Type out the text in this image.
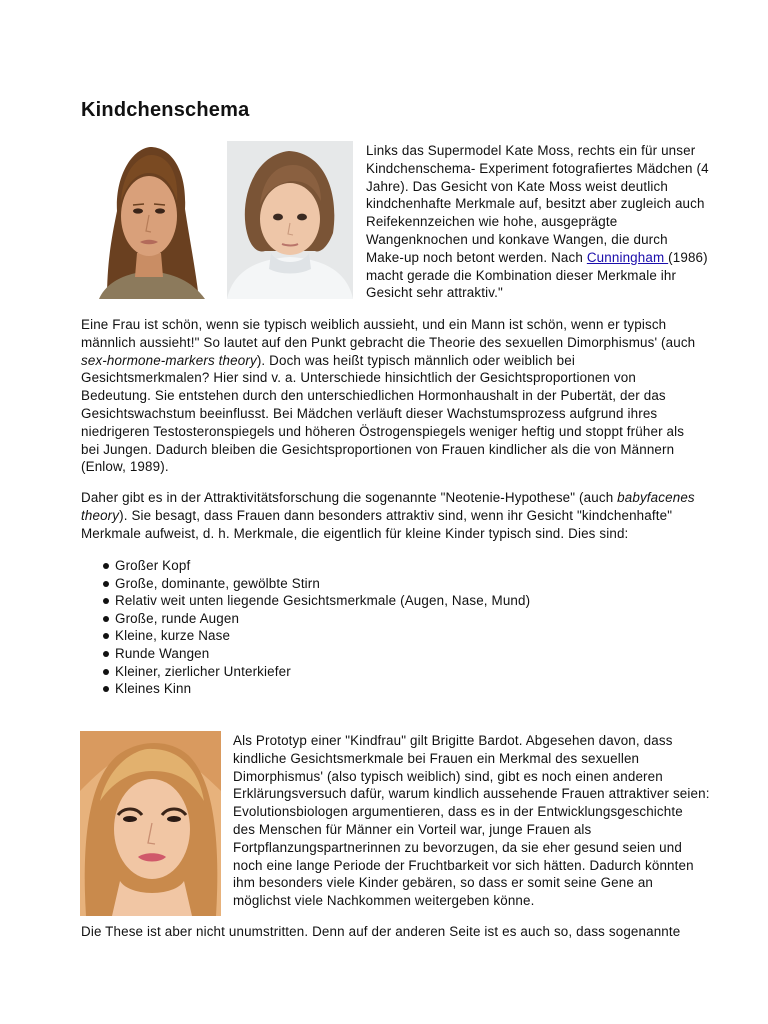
Kindchenschema
Links das Supermodel Kate Moss, rechts ein für unser
Kindchenschema- Experiment fotografiertes Mädchen (4
Jahre). Das Gesicht von Kate Moss weist deutlich
kindchenhafte Merkmale auf, besitzt aber zugleich auch
Reifekennzeichen wie hohe, ausgeprägte
Wangenknochen und konkave Wangen, die durch
Make-up noch betont werden. Nach Cunningham (1986)
macht gerade die Kombination dieser Merkmale ihr
Gesicht sehr attraktiv."
Eine Frau ist schön, wenn sie typisch weiblich aussieht, und ein Mann ist schön, wenn er typisch
männlich aussieht!" So lautet auf den Punkt gebracht die Theorie des sexuellen Dimorphismus' (auch
sex-hormone-markers theory). Doch was heißt typisch männlich oder weiblich bei
Gesichtsmerkmalen? Hier sind v. a. Unterschiede hinsichtlich der Gesichtsproportionen von
Bedeutung. Sie entstehen durch den unterschiedlichen Hormonhaushalt in der Pubertät, der das
Gesichtswachstum beeinflusst. Bei Mädchen verläuft dieser Wachstumsprozess aufgrund ihres
niedrigeren Testosteronspiegels und höheren Östrogenspiegels weniger heftig und stoppt früher als
bei Jungen. Dadurch bleiben die Gesichtsproportionen von Frauen kindlicher als die von Männern
(Enlow, 1989).
Daher gibt es in der Attraktivitätsforschung die sogenannte "Neotenie-Hypothese" (auch babyfacenes
theory). Sie besagt, dass Frauen dann besonders attraktiv sind, wenn ihr Gesicht "kindchenhafte"
Merkmale aufweist, d. h. Merkmale, die eigentlich für kleine Kinder typisch sind. Dies sind:
Großer Kopf
Große, dominante, gewölbte Stirn
Relativ weit unten liegende Gesichtsmerkmale (Augen, Nase, Mund)
Große, runde Augen
Kleine, kurze Nase
Runde Wangen
Kleiner, zierlicher Unterkiefer
Kleines Kinn
Als Prototyp einer "Kindfrau" gilt Brigitte Bardot. Abgesehen davon, dass
kindliche Gesichtsmerkmale bei Frauen ein Merkmal des sexuellen
Dimorphismus' (also typisch weiblich) sind, gibt es noch einen anderen
Erklärungsversuch dafür, warum kindlich aussehende Frauen attraktiver seien:
Evolutionsbiologen argumentieren, dass es in der Entwicklungsgeschichte
des Menschen für Männer ein Vorteil war, junge Frauen als
Fortpflanzungspartnerinnen zu bevorzugen, da sie eher gesund seien und
noch eine lange Periode der Fruchtbarkeit vor sich hätten. Dadurch könnten
ihm besonders viele Kinder gebären, so dass er somit seine Gene an
möglichst viele Nachkommen weitergeben könne.
Die These ist aber nicht unumstritten. Denn auf der anderen Seite ist es auch so, dass sogenannte
